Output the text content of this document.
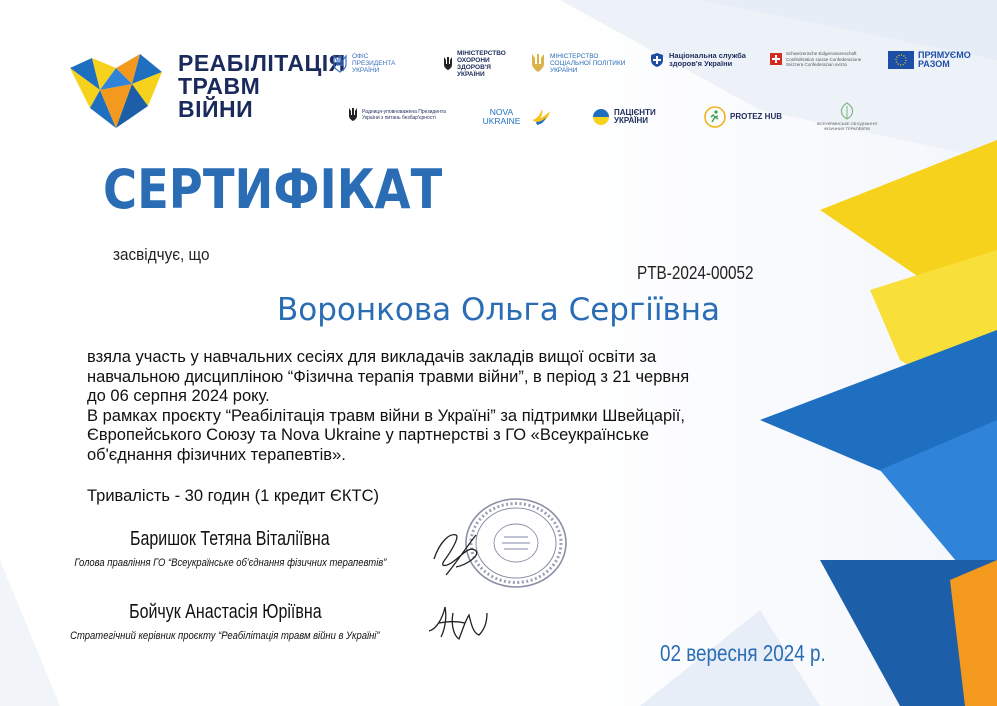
РЕАБІЛІТАЦІЯ
ТРАВМ
ВІЙНИ
ОФІС ПРЕЗИДЕНТА УКРАЇНИ
МІНІСТЕРСТВО ОХОРОНИ ЗДОРОВ'Я УКРАЇНИ
МІНІСТЕРСТВО СОЦІАЛЬНОЇ ПОЛІТИКИ УКРАЇНИ
Національна служба здоров'я України
Schweizerische Eidgenossenschaft Confédération suisse Confederazione Svizzera Confederaziun svizra
ПРЯМУЄМО РАЗОМ
Радниця-уповноважена Президента України з питань безбар'єрності
NOVA UKRAINE
ПАЦІЄНТИ УКРАЇНИ	PROTEZ HUB
ВСЕУКРАЇНСЬКЕ ОБ'ЄДНАННЯ ФІЗИЧНИХ ТЕРАПЕВТІВ
СЕРТИФІКАТ
засвідчує, що
PTB-2024-00052
Воронкова Ольга Сергіївна

взяла участь у навчальних сесіях для викладачів закладів вищої освіти за

навчальною дисципліною “Фізична терапія травми війни”, в період з 21 червня

до 06 серпня 2024 року.

В рамках проєкту “Реабілітація травм війни в Україні” за підтримки Швейцарії,

Європейського Союзу та Nova Ukraine у партнерстві з ГО «Всеукраїнське

об'єднання фізичних терапевтів».

Тривалість - 30 годин (1 кредит ЄКТС)
Баришок Тетяна Віталіївна
Голова правління ГО “Всеукраїнське об'єднання фізичних терапевтів”
Бойчук Анастасія Юріївна
Стратегічний керівник проєкту “Реабілітація травм війни в Україні”
02 вересня 2024 р.
